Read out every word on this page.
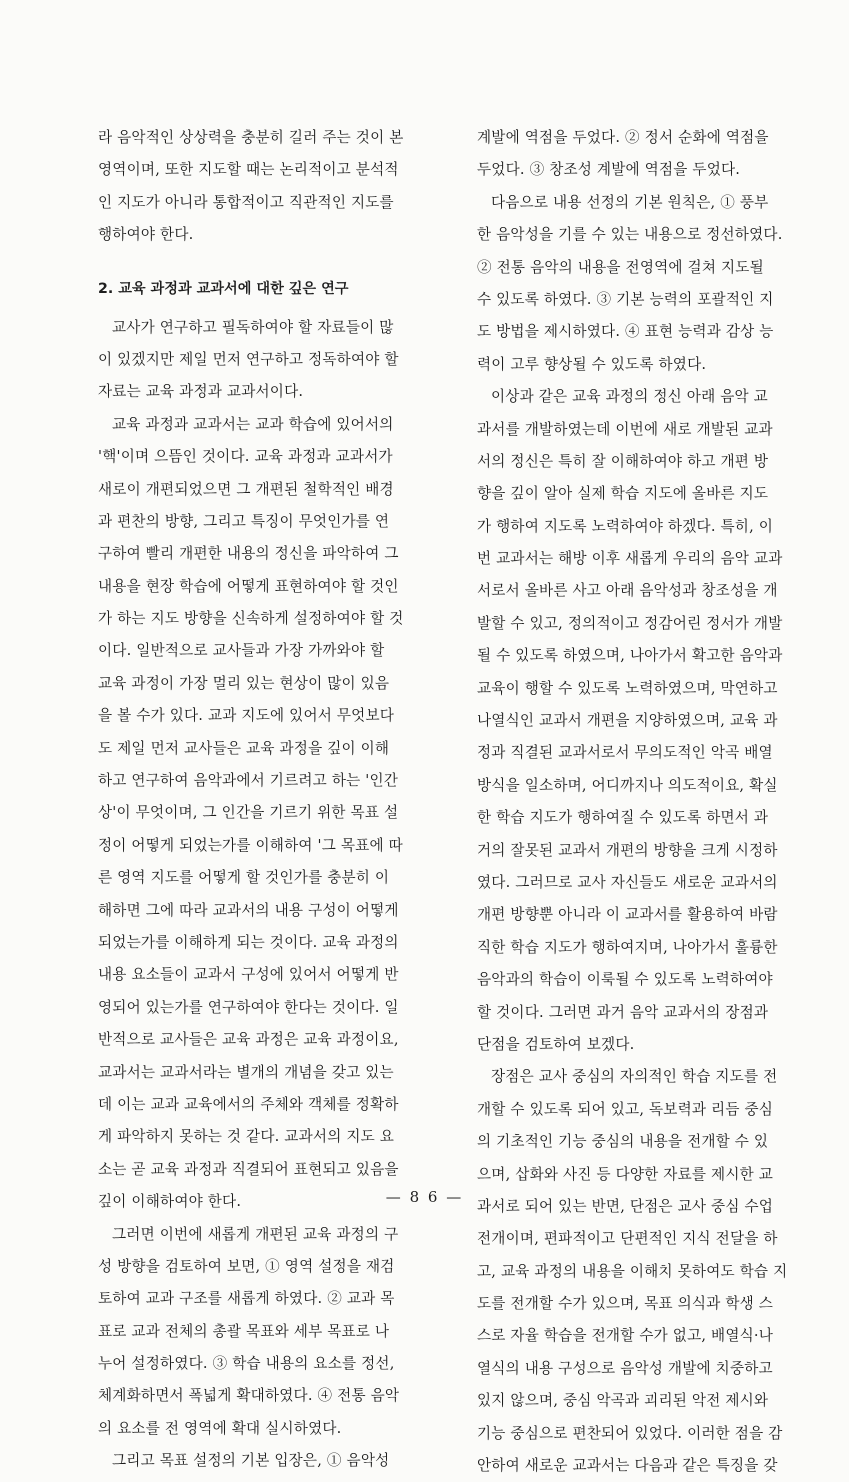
라 음악적인 상상력을 충분히 길러 주는 것이 본
영역이며, 또한 지도할 때는 논리적이고 분석적
인 지도가 아니라 통합적이고 직관적인 지도를
행하여야 한다.
2. 교육 과정과 교과서에 대한 깊은 연구
교사가 연구하고 필독하여야 할 자료들이 많
이 있겠지만 제일 먼저 연구하고 정독하여야 할
자료는 교육 과정과 교과서이다.
교육 과정과 교과서는 교과 학습에 있어서의
'핵'이며 으뜸인 것이다. 교육 과정과 교과서가
새로이 개편되었으면 그 개편된 철학적인 배경
과 편찬의 방향, 그리고 특징이 무엇인가를 연
구하여 빨리 개편한 내용의 정신을 파악하여 그
내용을 현장 학습에 어떻게 표현하여야 할 것인
가 하는 지도 방향을 신속하게 설정하여야 할 것
이다. 일반적으로 교사들과 가장 가까와야 할
교육 과정이 가장 멀리 있는 현상이 많이 있음
을 볼 수가 있다. 교과 지도에 있어서 무엇보다
도 제일 먼저 교사들은 교육 과정을 깊이 이해
하고 연구하여 음악과에서 기르려고 하는 '인간
상'이 무엇이며, 그 인간을 기르기 위한 목표 설
정이 어떻게 되었는가를 이해하여 '그 목표에 따
른 영역 지도를 어떻게 할 것인가를 충분히 이
해하면 그에 따라 교과서의 내용 구성이 어떻게
되었는가를 이해하게 되는 것이다. 교육 과정의
내용 요소들이 교과서 구성에 있어서 어떻게 반
영되어 있는가를 연구하여야 한다는 것이다. 일
반적으로 교사들은 교육 과정은 교육 과정이요,
교과서는 교과서라는 별개의 개념을 갖고 있는
데 이는 교과 교육에서의 주체와 객체를 정확하
게 파악하지 못하는 것 같다. 교과서의 지도 요
소는 곧 교육 과정과 직결되어 표현되고 있음을
깊이 이해하여야 한다.
그러면 이번에 새롭게 개편된 교육 과정의 구
성 방향을 검토하여 보면, ① 영역 설정을 재검
토하여 교과 구조를 새롭게 하였다. ② 교과 목
표로 교과 전체의 총괄 목표와 세부 목표로 나
누어 설정하였다. ③ 학습 내용의 요소를 정선,
체계화하면서 폭넓게 확대하였다. ④ 전통 음악
의 요소를 전 영역에 확대 실시하였다.
그리고 목표 설정의 기본 입장은, ① 음악성
계발에 역점을 두었다. ② 정서 순화에 역점을
두었다. ③ 창조성 계발에 역점을 두었다.
다음으로 내용 선정의 기본 원칙은, ① 풍부
한 음악성을 기를 수 있는 내용으로 정선하였다.
② 전통 음악의 내용을 전영역에 걸쳐 지도될
수 있도록 하였다. ③ 기본 능력의 포괄적인 지
도 방법을 제시하였다. ④ 표현 능력과 감상 능
력이 고루 향상될 수 있도록 하였다.
이상과 같은 교육 과정의 정신 아래 음악 교
과서를 개발하였는데 이번에 새로 개발된 교과
서의 정신은 특히 잘 이해하여야 하고 개편 방
향을 깊이 알아 실제 학습 지도에 올바른 지도
가 행하여 지도록 노력하여야 하겠다. 특히, 이
번 교과서는 해방 이후 새롭게 우리의 음악 교과
서로서 올바른 사고 아래 음악성과 창조성을 개
발할 수 있고, 정의적이고 정감어린 정서가 개발
될 수 있도록 하였으며, 나아가서 확고한 음악과
교육이 행할 수 있도록 노력하였으며, 막연하고
나열식인 교과서 개편을 지양하였으며, 교육 과
정과 직결된 교과서로서 무의도적인 악곡 배열
방식을 일소하며, 어디까지나 의도적이요, 확실
한 학습 지도가 행하여질 수 있도록 하면서 과
거의 잘못된 교과서 개편의 방향을 크게 시정하
였다. 그러므로 교사 자신들도 새로운 교과서의
개편 방향뿐 아니라 이 교과서를 활용하여 바람
직한 학습 지도가 행하여지며, 나아가서 훌륭한
음악과의 학습이 이룩될 수 있도록 노력하여야
할 것이다. 그러면 과거 음악 교과서의 장점과
단점을 검토하여 보겠다.
장점은 교사 중심의 자의적인 학습 지도를 전
개할 수 있도록 되어 있고, 독보력과 리듬 중심
의 기초적인 기능 중심의 내용을 전개할 수 있
으며, 삽화와 사진 등 다양한 자료를 제시한 교
과서로 되어 있는 반면, 단점은 교사 중심 수업
전개이며, 편파적이고 단편적인 지식 전달을 하
고, 교육 과정의 내용을 이해치 못하여도 학습 지
도를 전개할 수가 있으며, 목표 의식과 학생 스
스로 자율 학습을 전개할 수가 없고, 배열식·나
열식의 내용 구성으로 음악성 개발에 치중하고
있지 않으며, 중심 악곡과 괴리된 악전 제시와
기능 중심으로 편찬되어 있었다. 이러한 점을 감
안하여 새로운 교과서는 다음과 같은 특징을 갖
— 8 6 —
